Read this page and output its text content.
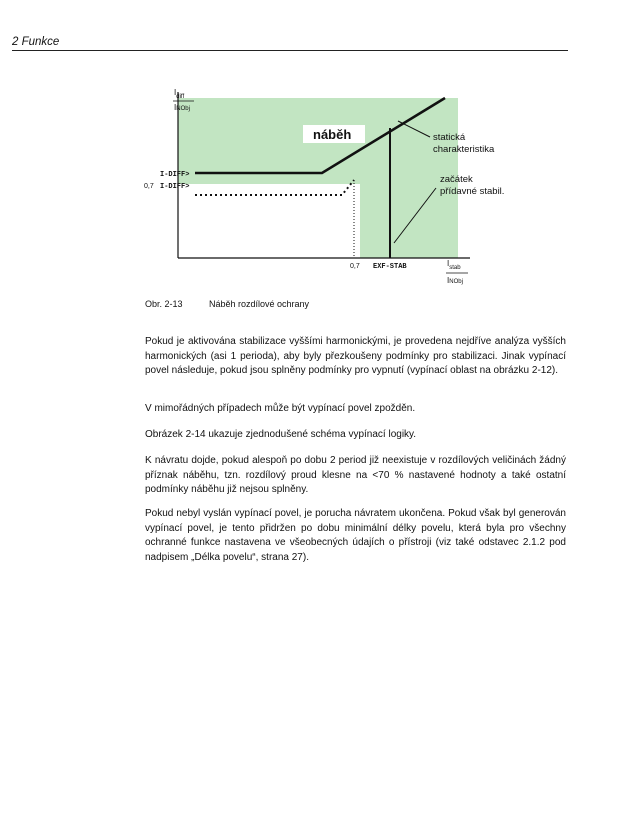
2 Funkce
náběh
$I_{diff}$
INObj
$I_{stab}$
INObj
I-DIFF>
0,7 I-DIFF>
0,7 EXF-STAB
statická
charakteristika
začátek
přídavné stabil.
Obr. 2-13	Náběh rozdílové ochrany

Pokud je aktivována stabilizace vyššími harmonickými, je provedena nejdříve analýza vyšších harmonických (asi 1 perioda), aby byly přezkoušeny podmínky pro stabilizaci. Jinak vypínací povel následuje, pokud jsou splněny podmínky pro vypnutí (vypínací oblast na obrázku 2-12).

V mimořádných případech může být vypínací povel zpožděn.

Obrázek 2-14 ukazuje zjednodušené schéma vypínací logiky.

K návratu dojde, pokud alespoň po dobu 2 period již neexistuje v rozdílových veličinách žádný příznak náběhu, tzn. rozdílový proud klesne na <70 % nastavené hodnoty a také ostatní podmínky náběhu již nejsou splněny.

Pokud nebyl vyslán vypínací povel, je porucha návratem ukončena. Pokud však byl generován vypínací povel, je tento přidržen po dobu minimální délky povelu, která byla pro všechny ochranné funkce nastavena ve všeobecných údajích o přístroji (viz také odstavec 2.1.2 pod nadpisem „Délka povelu“, strana 27).
